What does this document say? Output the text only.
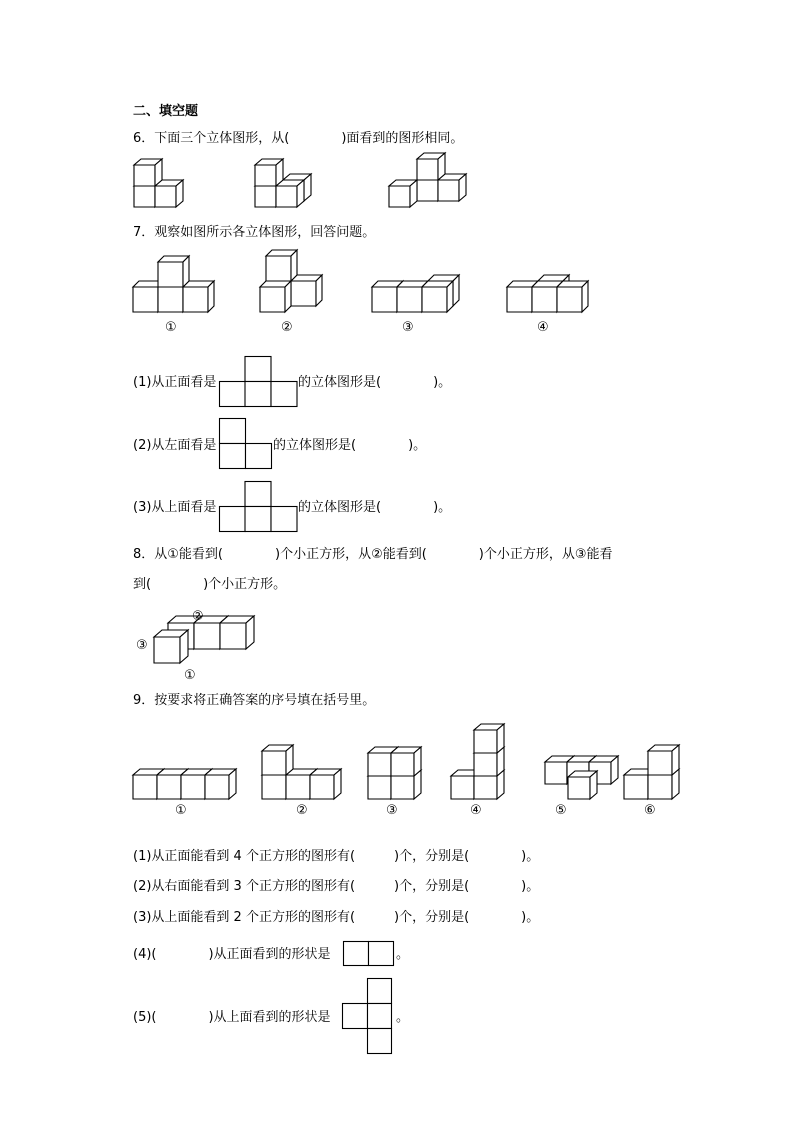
二、填空题
6．下面三个立体图形，从(　　　　)面看到的图形相同。
7．观察如图所示各立体图形，回答问题。
①	②	③	④
(1)从正面看是	的立体图形是(　　　　)。
(2)从左面看是	的立体图形是(　　　　)。
(3)从上面看是	的立体图形是(　　　　)。
8．从①能看到(　　　　)个小正方形，从②能看到(　　　　)个小正方形，从③能看
到(　　　　)个小正方形。
②
③
①
9．按要求将正确答案的序号填在括号里。
①	②	③	④	⑤	⑥
(1)从正面能看到 4 个正方形的图形有(　　　)个，分别是(　　　　)。
(2)从右面能看到 3 个正方形的图形有(　　　)个，分别是(　　　　)。
(3)从上面能看到 2 个正方形的图形有(　　　)个，分别是(　　　　)。
(4)(　　　　)从正面看到的形状是	。
(5)(　　　　)从上面看到的形状是	。
